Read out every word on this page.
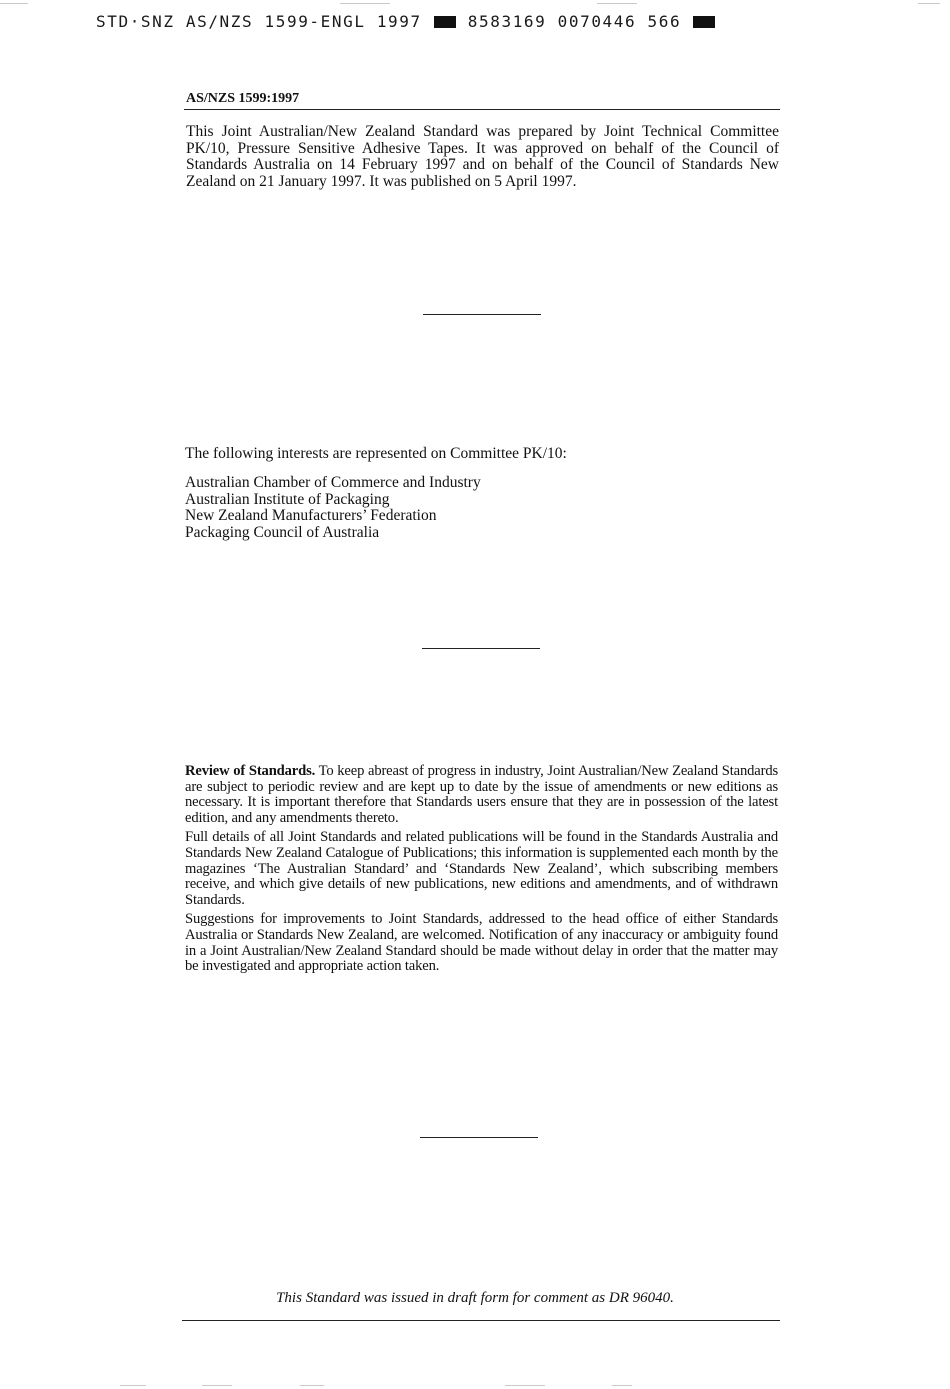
STD·SNZ AS/NZS 1599-ENGL 1997	8583169 0070446 566
AS/NZS 1599:1997

This Joint Australian/New Zealand Standard was prepared by Joint Technical Committee PK/10, Pressure Sensitive Adhesive Tapes. It was approved on behalf of the Council of Standards Australia on 14 February 1997 and on behalf of the Council of Standards New Zealand on 21 January 1997. It was published on 5 April 1997.

The following interests are represented on Committee PK/10:

Australian Chamber of Commerce and Industry
Australian Institute of Packaging
New Zealand Manufacturers’ Federation
Packaging Council of Australia

Review of Standards. To keep abreast of progress in industry, Joint Australian/New Zealand Standards are subject to periodic review and are kept up to date by the issue of amendments or new editions as necessary. It is important therefore that Standards users ensure that they are in possession of the latest edition, and any amendments thereto.

Full details of all Joint Standards and related publications will be found in the Standards Australia and Standards New Zealand Catalogue of Publications; this information is supplemented each month by the magazines ‘The Australian Standard’ and ‘Standards New Zealand’, which subscribing members receive, and which give details of new publications, new editions and amendments, and of withdrawn Standards.

Suggestions for improvements to Joint Standards, addressed to the head office of either Standards Australia or Standards New Zealand, are welcomed. Notification of any inaccuracy or ambiguity found in a Joint Australian/New Zealand Standard should be made without delay in order that the matter may be investigated and appropriate action taken.

This Standard was issued in draft form for comment as DR 96040.
